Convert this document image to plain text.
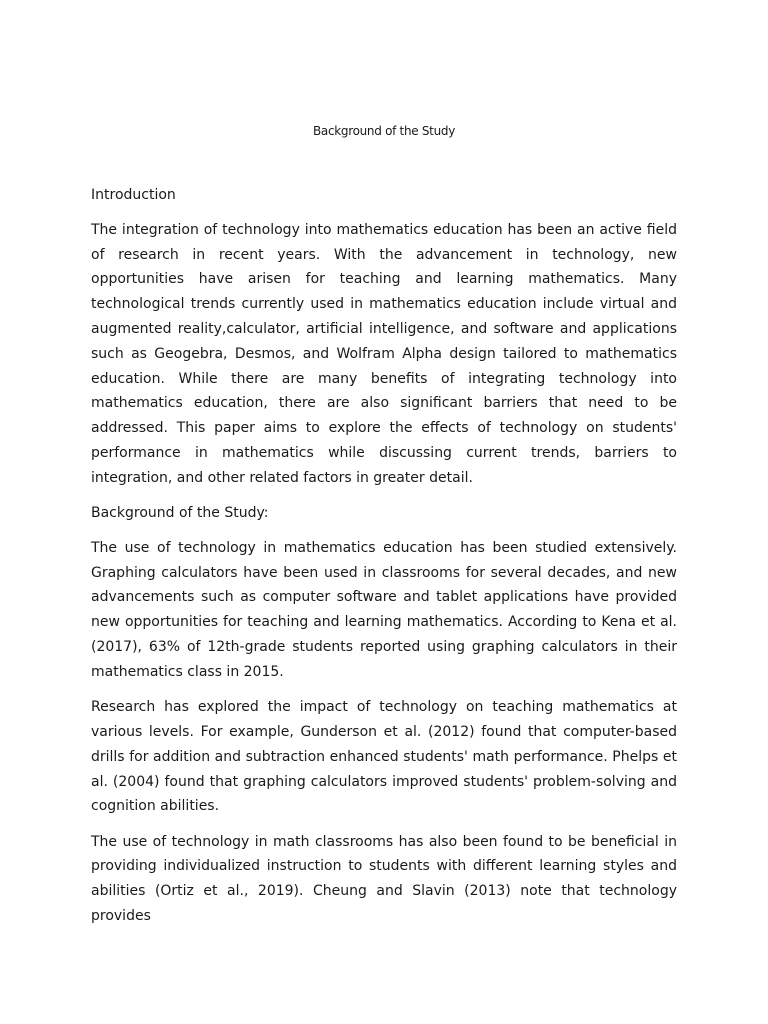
Background of the Study

Introduction

The integration of technology into mathematics education has been an active field of research in recent years. With the advancement in technology, new opportunities have arisen for teaching and learning mathematics. Many technological trends currently used in mathematics education include virtual and augmented reality,calculator, artificial intelligence, and software and applications such as Geogebra, Desmos, and Wolfram Alpha design tailored to mathematics education. While there are many benefits of integrating technology into mathematics education, there are also significant barriers that need to be addressed. This paper aims to explore the effects of technology on students' performance in mathematics while discussing current trends, barriers to integration, and other related factors in greater detail.

Background of the Study:

The use of technology in mathematics education has been studied extensively. Graphing calculators have been used in classrooms for several decades, and new advancements such as computer software and tablet applications have provided new opportunities for teaching and learning mathematics. According to Kena et al. (2017), 63% of 12th-grade students reported using graphing calculators in their mathematics class in 2015.

Research has explored the impact of technology on teaching mathematics at various levels. For example, Gunderson et al. (2012) found that computer-based drills for addition and subtraction enhanced students' math performance. Phelps et al. (2004) found that graphing calculators improved students' problem-solving and cognition abilities.

The use of technology in math classrooms has also been found to be beneficial in providing individualized instruction to students with different learning styles and abilities (Ortiz et al., 2019). Cheung and Slavin (2013) note that technology provides
